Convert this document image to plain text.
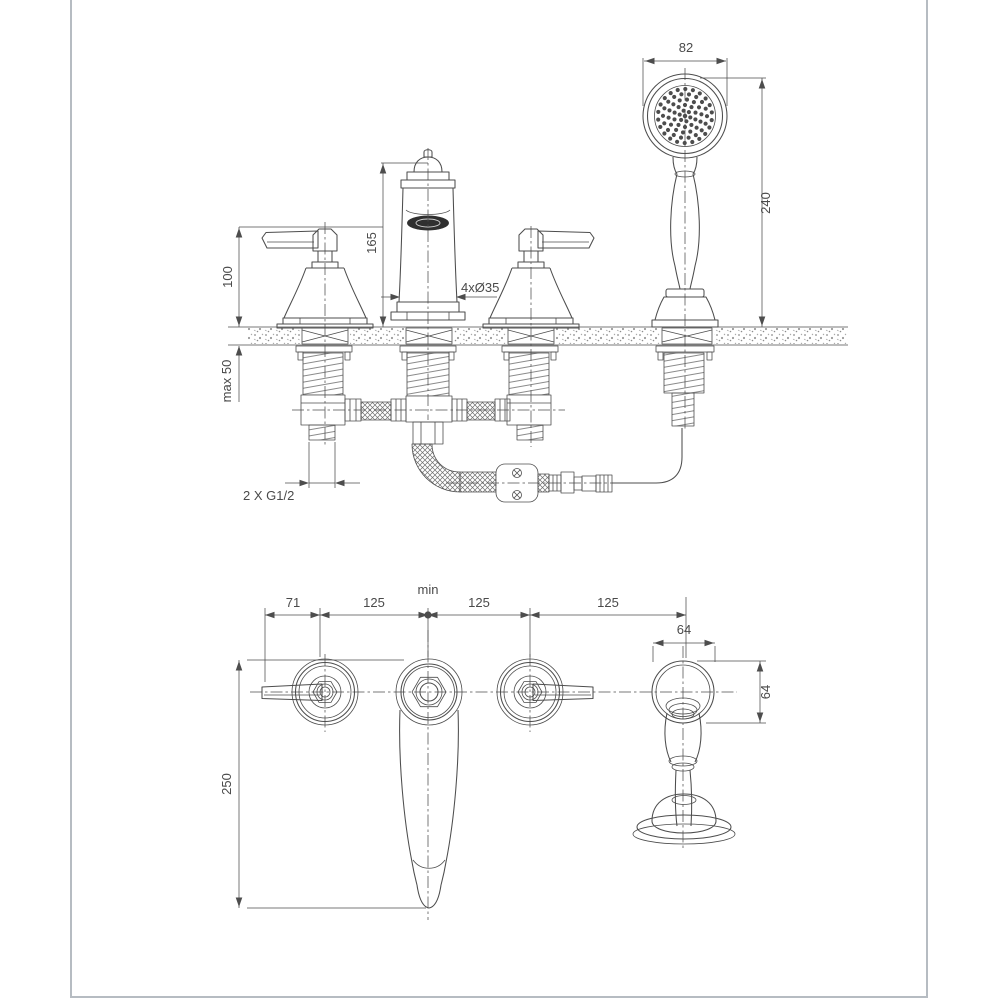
100
max 50
165
4xØ35
82
240
2 X G1/2
71	125
min
125	125
250
64
64
